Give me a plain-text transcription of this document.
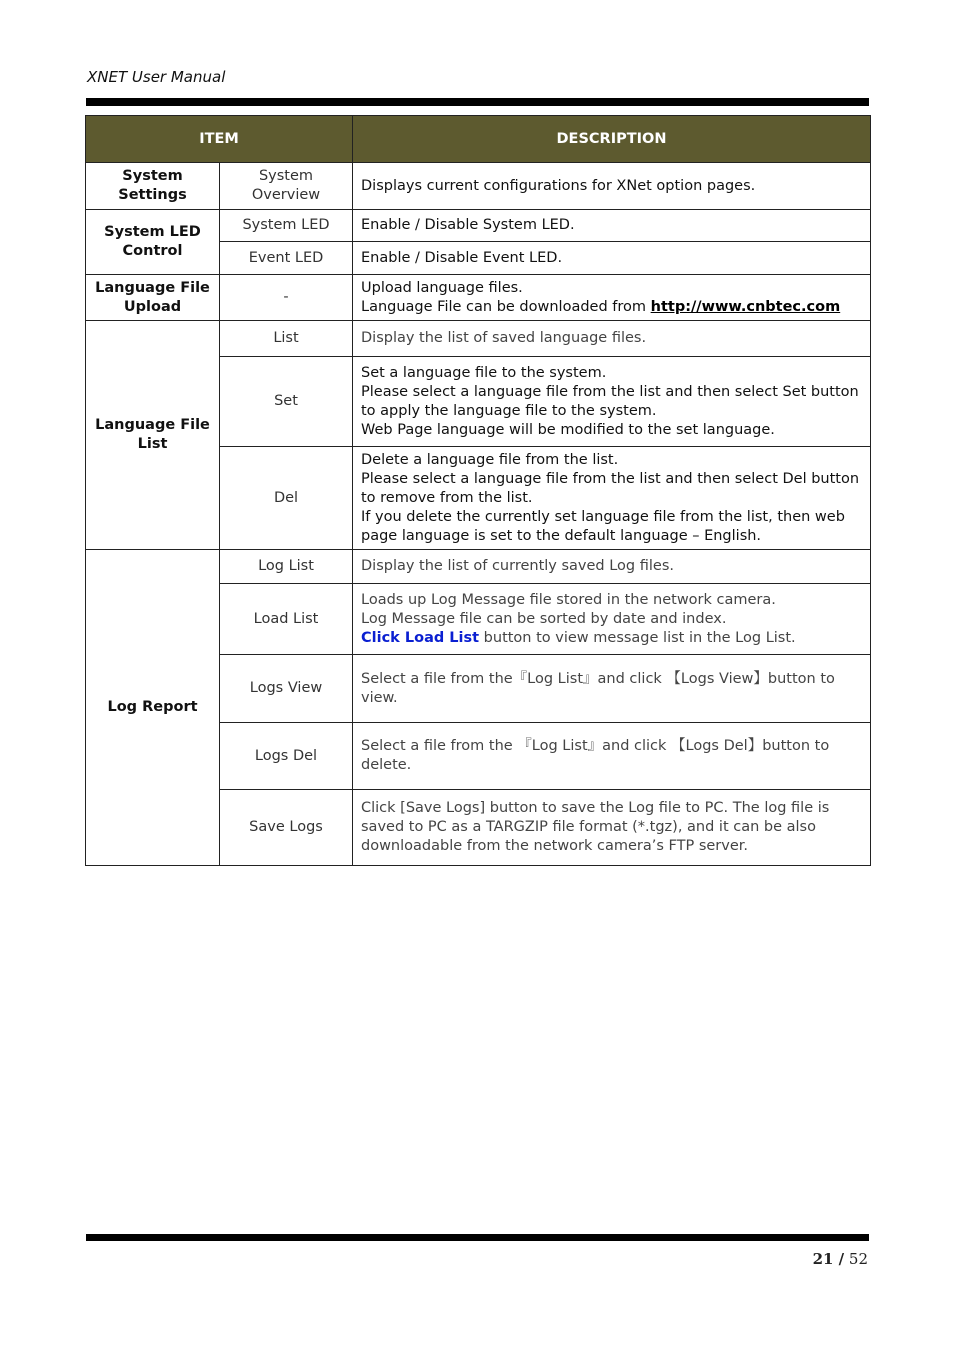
XNET User Manual
ITEM		DESCRIPTION
System Settings	System Overview	Displays current configurations for XNet option pages.
System LED Control	System LED	Enable / Disable System LED.
	Event LED	Enable / Disable Event LED.
Language File Upload	-	Upload language files.
Language File can be downloaded from http://www.cnbtec.com

Language File List	List	Display the list of saved language files.
	Set	Set a language file to the system.
Please select a language file from the list and then select Set button to apply the language file to the system.
Web Page language will be modified to the set language.

	Del	Delete a language file from the list.
Please select a language file from the list and then select Del button to remove from the list.
If you delete the currently set language file from the list, then web page language is set to the default language – English.

Log Report	Log List	Display the list of currently saved Log files.
	Load List	Loads up Log Message file stored in the network camera.
Log Message file can be sorted by date and index.
Click Load List button to view message list in the Log List.

	Logs View	Select a file from the『Log List』and click 【Logs View】button to view.
	Logs Del	Select a file from the 『Log List』and click 【Logs Del】button to delete.
	Save Logs	Click [Save Logs] button to save the Log file to PC. The log file is saved to PC as a TARGZIP file format (*.tgz), and it can be also downloadable from the network camera’s FTP server.
21 / 52
